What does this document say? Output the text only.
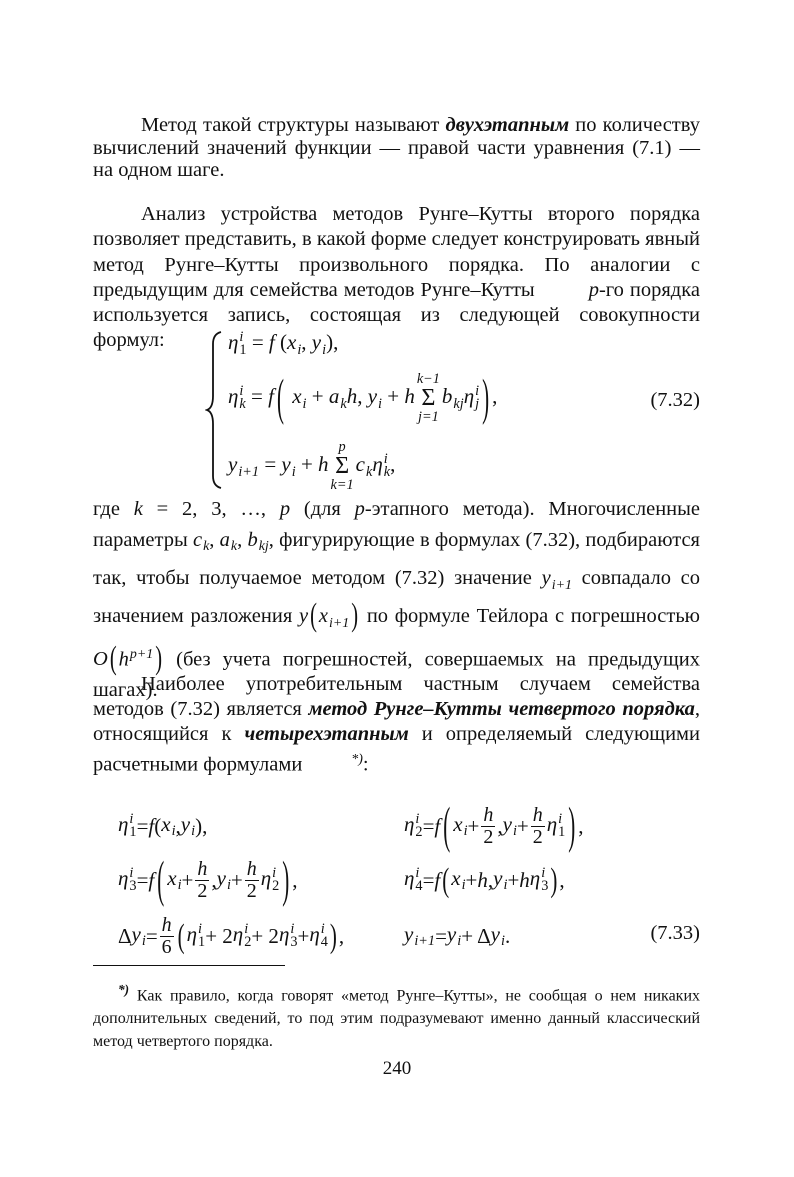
Метод такой структуры называют двухэтапным по количеству вычислений значений функции — правой части уравнения (7.1) — на одном шаге.
Анализ устройства методов Рунге–Кутты второго порядка позволяет представить, в какой форме следует конструировать явный метод Рунге–Кутты произвольного порядка. По аналогии с предыдущим для семейства методов Рунге–Кутты p-го порядка используется запись, состоящая из следующей совокупности формул:	η i
1 = f ($x_i$, $y_i$),
η i
k = f ( $x_i + a_kh$, $y_i + h$
k−1
Σ
j=1
$b_{kj}\eta$ i
j ) ,
$y_{i+1} = y_i + h$
p
Σ
k=1
$c_k\eta$ i
k ,
(7.32)
где k = 2, 3, …, p (для p-этапного метода). Многочисленные параметры $c_k$, $a_k$, $b_{kj}$, фигурирующие в формулах (7.32), подбираются так, чтобы получаемое методом (7.32) значение $y_{i+1}$ совпадало со значением разложения $y(x_{i+1})$ по формуле Тейлора с погрешностью $O(h^{p+1})$ (без учета погрешностей, совершаемых на предыдущих шагах).
Наиболее употребительным частным случаем семейства методов (7.32) является метод Рунге–Кутты четвертого порядка, относящийся к четырехэтапным и определяемый следующими расчетными формулами	*):
η i
1 = f ( $x_i$ , $y_i$ ),	η i
2 = f ( $x_i + \frac{h}{2}$ , $y_i + \frac{h}{2}$ η i
1 ) ,
η i
3 = f ( $x_i + \frac{h}{2}$ , $y_i + \frac{h}{2}$ η i
2 ) ,	η i
4 = f ( $x_i + h$ , $y_i + h$ η i
3 ) ,
Δ $y_i = \frac{h}{6}$ ( η i
1 + 2 η i
2 + 2 η i
3 + η i
4 ) ,	$y_{i+1} = y_i + \Delta$ $y_i$ .	(7.33)
*) Как правило, когда говорят «метод Рунге–Кутты», не сообщая о нем никаких дополнительных сведений, то под этим подразумевают именно данный классический метод четвертого порядка.
240
